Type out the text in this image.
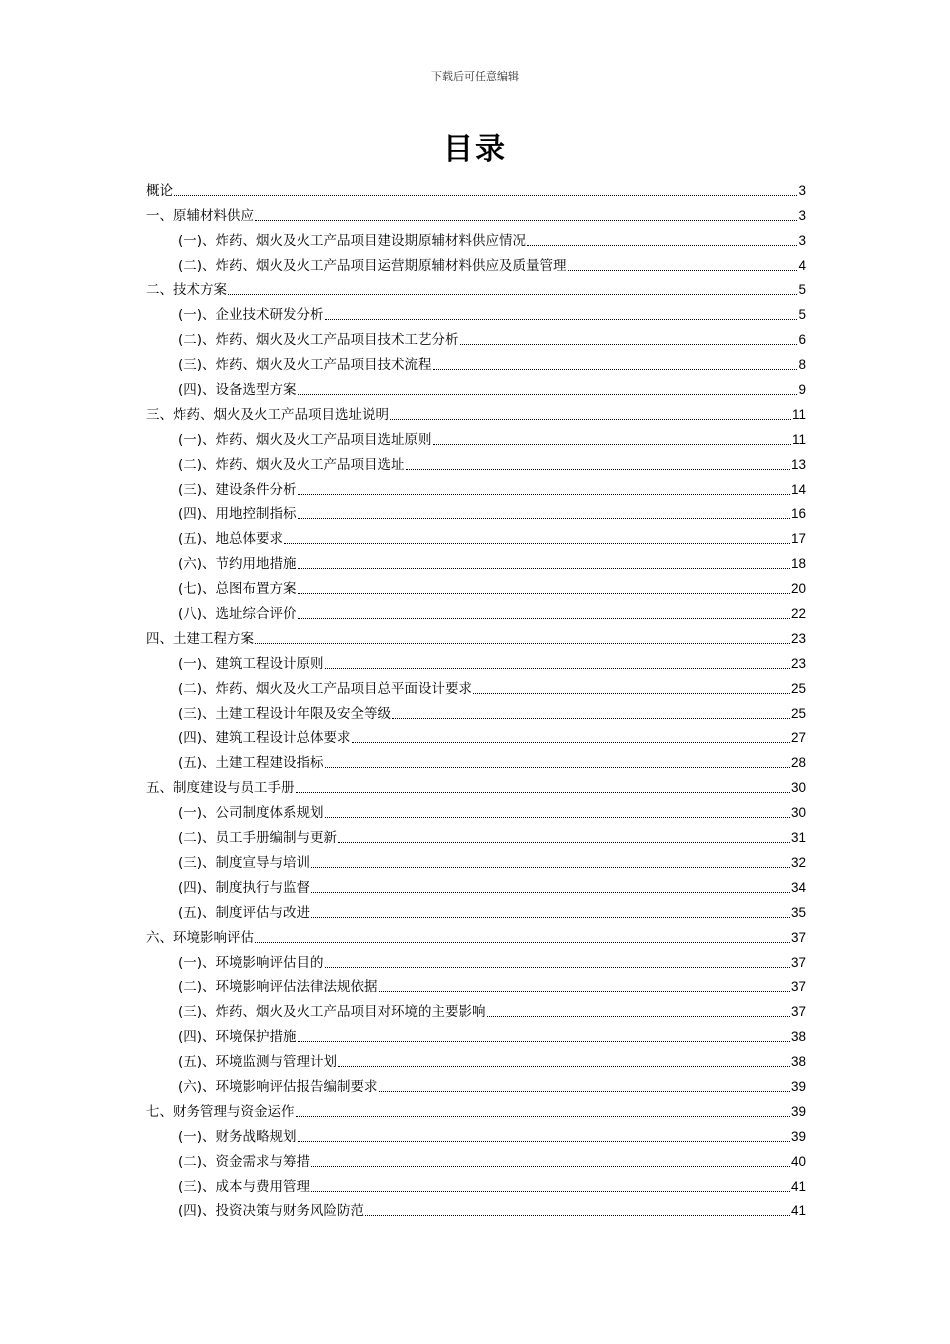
下载后可任意编辑
目录
概论	3
一、原辅材料供应	3
(一)、炸药、烟火及火工产品项目建设期原辅材料供应情况	3
(二)、炸药、烟火及火工产品项目运营期原辅材料供应及质量管理	4
二、技术方案	5
(一)、企业技术研发分析	5
(二)、炸药、烟火及火工产品项目技术工艺分析	6
(三)、炸药、烟火及火工产品项目技术流程	8
(四)、设备选型方案	9
三、炸药、烟火及火工产品项目选址说明	11
(一)、炸药、烟火及火工产品项目选址原则	11
(二)、炸药、烟火及火工产品项目选址	13
(三)、建设条件分析	14
(四)、用地控制指标	16
(五)、地总体要求	17
(六)、节约用地措施	18
(七)、总图布置方案	20
(八)、选址综合评价	22
四、土建工程方案	23
(一)、建筑工程设计原则	23
(二)、炸药、烟火及火工产品项目总平面设计要求	25
(三)、土建工程设计年限及安全等级	25
(四)、建筑工程设计总体要求	27
(五)、土建工程建设指标	28
五、制度建设与员工手册	30
(一)、公司制度体系规划	30
(二)、员工手册编制与更新	31
(三)、制度宣导与培训	32
(四)、制度执行与监督	34
(五)、制度评估与改进	35
六、环境影响评估	37
(一)、环境影响评估目的	37
(二)、环境影响评估法律法规依据	37
(三)、炸药、烟火及火工产品项目对环境的主要影响	37
(四)、环境保护措施	38
(五)、环境监测与管理计划	38
(六)、环境影响评估报告编制要求	39
七、财务管理与资金运作	39
(一)、财务战略规划	39
(二)、资金需求与筹措	40
(三)、成本与费用管理	41
(四)、投资决策与财务风险防范	41
